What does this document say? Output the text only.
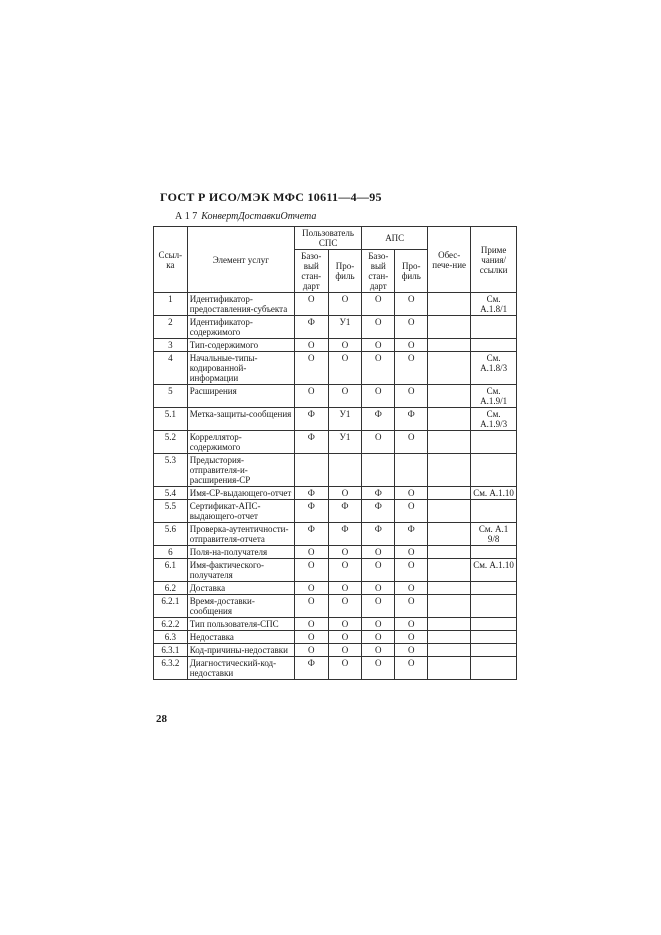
ГОСТ Р ИСО/МЭК МФС 10611—4—95
А 1 7 КонвертДоставкиОтчета
Ссыл-ка	Элемент услуг	Пользователь СПС		АПС		Обес-пече-ние	Приме чания/ ссылки
		Базо-вый стан-дарт	Про-филь	Базо-вый стан-дарт	Про-филь		
1	Идентификатор-предоставления-субъекта	О	О	О	О		См. А.1.8/1
2	Идентификатор-содержимого	Ф	У1	О	О		
3	Тип-содержимого	О	О	О	О		
4	Начальные-типы-кодированной-информации	О	О	О	О		См. А.1.8/3
5	Расширения	О	О	О	О		См. А.1.9/1
5.1	Метка-защиты-сообщения	Ф	У1	Ф	Ф		См. А.1.9/3
5.2	Корреллятор-содержимого	Ф	У1	О	О		
5.3	Предыстория-отправителя-и-расширения-СР						
5.4	Имя-СР-выдающего-отчет	Ф	О	Ф	О		См. А.1.10
5.5	Сертификат-АПС-выдающего-отчет	Ф	Ф	Ф	О		
5.6	Проверка-аутентичности-отправителя-отчета	Ф	Ф	Ф	Ф		См. А.1 9/8
6	Поля-на-получателя	О	О	О	О		
6.1	Имя-фактического-получателя	О	О	О	О		См. А.1.10
6.2	Доставка	О	О	О	О		
6.2.1	Время-доставки-сообщения	О	О	О	О		
6.2.2	Тип пользователя-СПС	О	О	О	О		
6.3	Недоставка	О	О	О	О		
6.3.1	Код-причины-недоставки	О	О	О	О		
6.3.2	Диагностический-код-недоставки	Ф	О	О	О		
28
